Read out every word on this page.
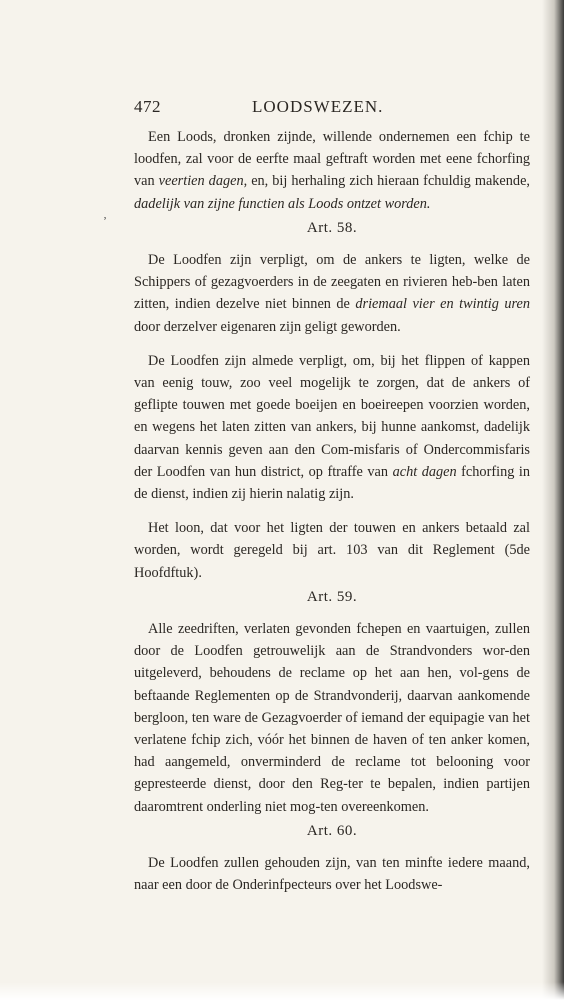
‚
472	LOODSWEZEN.

Een Loods, dronken zijnde, willende ondernemen een fchip te loodfen, zal voor de eerfte maal geftraft worden met eene fchorfing van veertien dagen, en, bij herhaling zich hieraan fchuldig makende, dadelijk van zijne functien als Loods ontzet worden.

Art. 58.

De Loodfen zijn verpligt, om de ankers te ligten, welke de Schippers of gezagvoerders in de zeegaten en rivieren heb-ben laten zitten, indien dezelve niet binnen de driemaal vier en twintig uren door derzelver eigenaren zijn geligt geworden.

De Loodfen zijn almede verpligt, om, bij het flippen of kappen van eenig touw, zoo veel mogelijk te zorgen, dat de ankers of geflipte touwen met goede boeijen en boeireepen voorzien worden, en wegens het laten zitten van ankers, bij hunne aankomst, dadelijk daarvan kennis geven aan den Com-misfaris of Ondercommisfaris der Loodfen van hun district, op ftraffe van acht dagen fchorfing in de dienst, indien zij hierin nalatig zijn.

Het loon, dat voor het ligten der touwen en ankers betaald zal worden, wordt geregeld bij art. 103 van dit Reglement (5de Hoofdftuk).

Art. 59.

Alle zeedriften, verlaten gevonden fchepen en vaartuigen, zullen door de Loodfen getrouwelijk aan de Strandvonders wor-den uitgeleverd, behoudens de reclame op het aan hen, vol-gens de beftaande Reglementen op de Strandvonderij, daarvan aankomende bergloon, ten ware de Gezagvoerder of iemand der equipagie van het verlatene fchip zich, vóór het binnen de haven of ten anker komen, had aangemeld, onverminderd de reclame tot belooning voor gepresteerde dienst, door den Reg-ter te bepalen, indien partijen daaromtrent onderling niet mog-ten overeenkomen.

Art. 60.

De Loodfen zullen gehouden zijn, van ten minfte iedere maand, naar een door de Onderinfpecteurs over het Loodswe-
